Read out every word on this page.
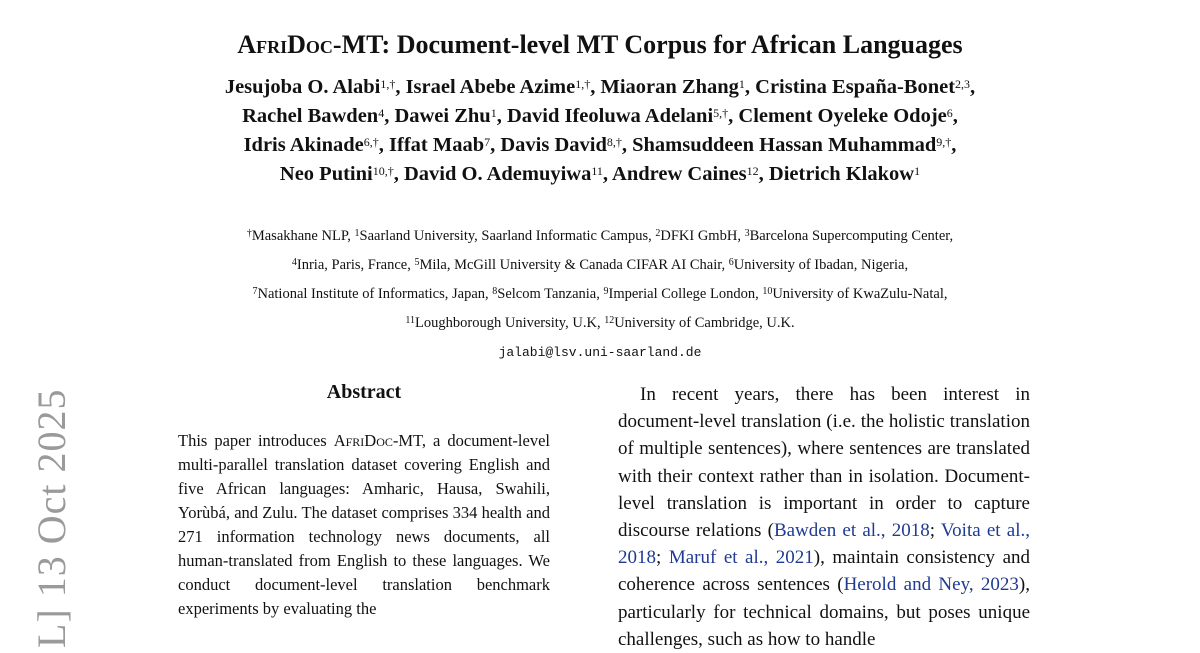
L] 13 Oct 2025
AfriDoc-MT: Document-level MT Corpus for African Languages
Jesujoba O. Alabi$^{1,\dagger}$, Israel Abebe Azime$^{1,\dagger}$, Miaoran Zhang$^1$, Cristina España-Bonet$^{2,3}$,
Rachel Bawden$^4$, Dawei Zhu$^1$, David Ifeoluwa Adelani$^{5,\dagger}$, Clement Oyeleke Odoje$^6$,
Idris Akinade$^{6,\dagger}$, Iffat Maab$^7$, Davis David$^{8,\dagger}$, Shamsuddeen Hassan Muhammad$^{9,\dagger}$,
Neo Putini$^{10,\dagger}$, David O. Ademuyiwa$^{11}$, Andrew Caines$^{12}$, Dietrich Klakow$^1$
†Masakhane NLP, $^1$Saarland University, Saarland Informatic Campus, $^2$DFKI GmbH, $^3$Barcelona Supercomputing Center,
$^4$Inria, Paris, France, $^5$Mila, McGill University & Canada CIFAR AI Chair, $^6$University of Ibadan, Nigeria,
$^7$National Institute of Informatics, Japan, $^8$Selcom Tanzania, $^9$Imperial College London, $^{10}$University of KwaZulu-Natal,
$^{11}$Loughborough University, U.K, $^{12}$University of Cambridge, U.K.
jalabi@lsv.uni-saarland.de
Abstract
This paper introduces AfriDoc-MT, a document-level multi-parallel translation dataset covering English and five African languages: Amharic, Hausa, Swahili, Yorùbá, and Zulu. The dataset comprises 334 health and 271 information technology news documents, all human-translated from English to these languages. We conduct document-level translation benchmark experiments by evaluating the

In recent years, there has been interest in document-level translation (i.e. the holistic translation of multiple sentences), where sentences are translated with their context rather than in isolation. Document-level translation is important in order to capture discourse relations (Bawden et al., 2018; Voita et al., 2018; Maruf et al., 2021), maintain consistency and coherence across sentences (Herold and Ney, 2023), particularly for technical domains, but poses unique challenges, such as how to handle
